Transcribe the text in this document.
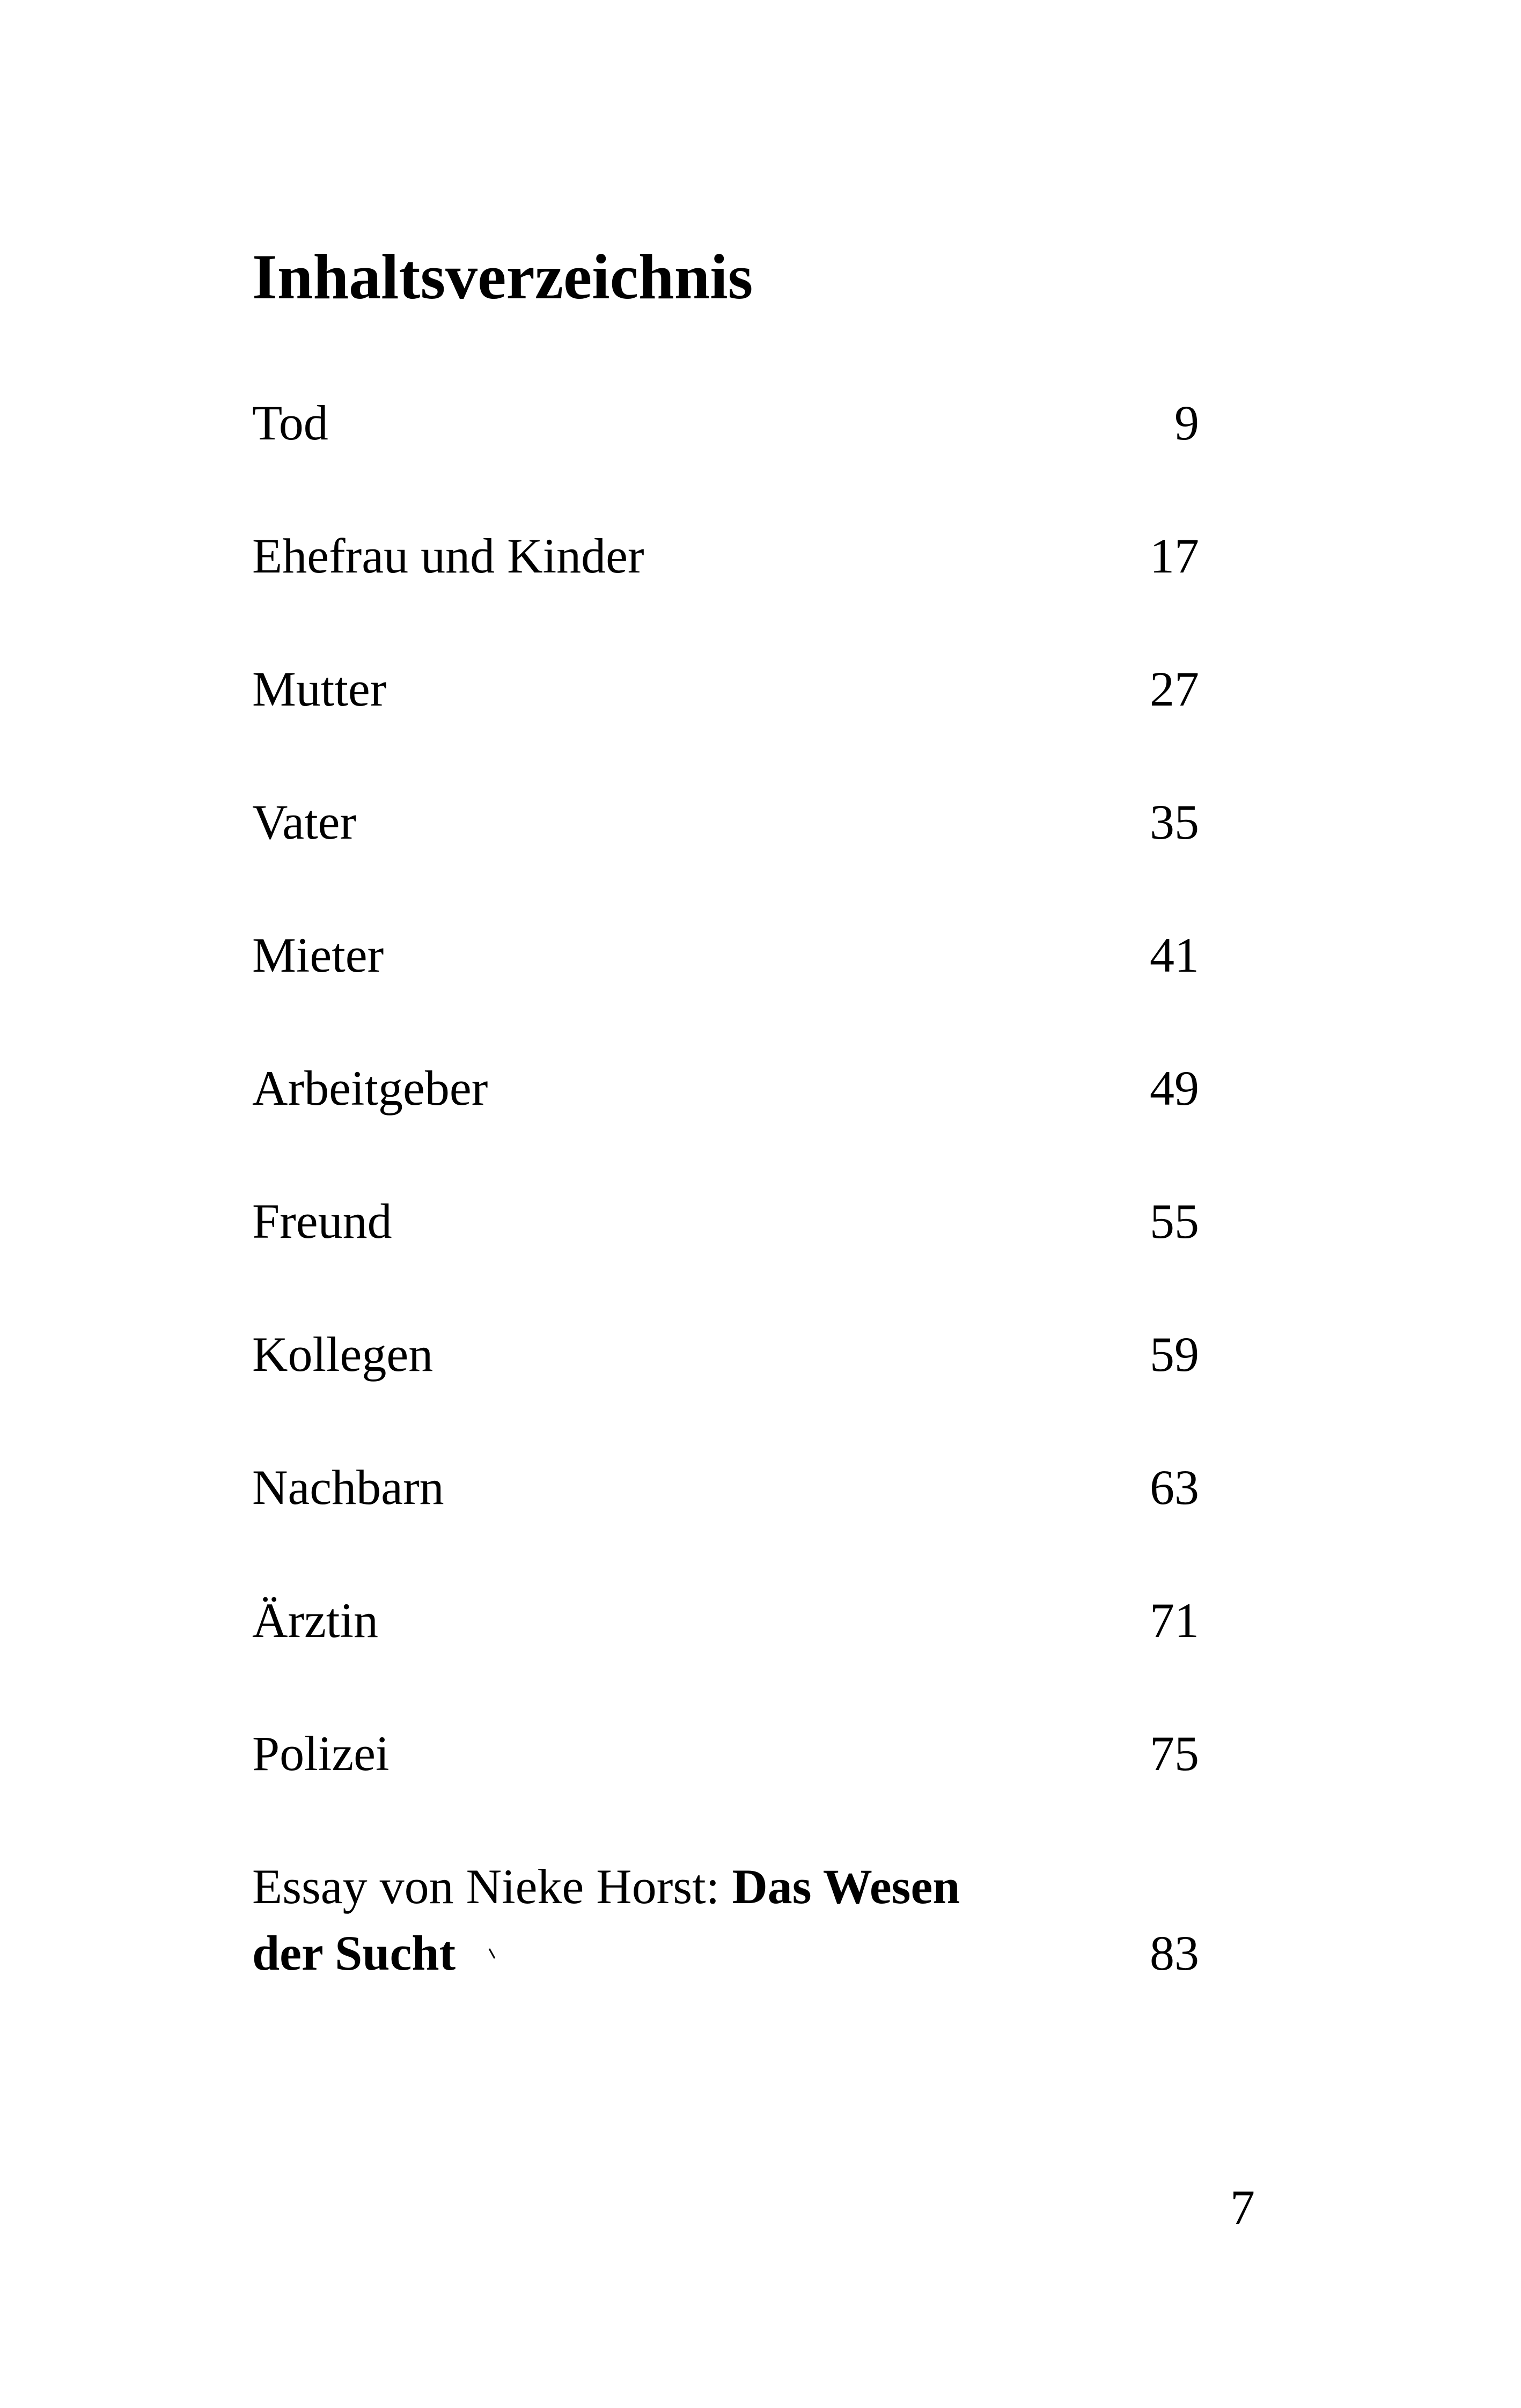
Inhaltsverzeichnis
Tod	9
Ehefrau und Kinder	17
Mutter	27
Vater	35
Mieter	41
Arbeitgeber	49
Freund	55
Kollegen	59
Nachbarn	63
Ärztin	71
Polizei	75
Essay von Nieke Horst: Das Wesen
der Sucht	83
7
